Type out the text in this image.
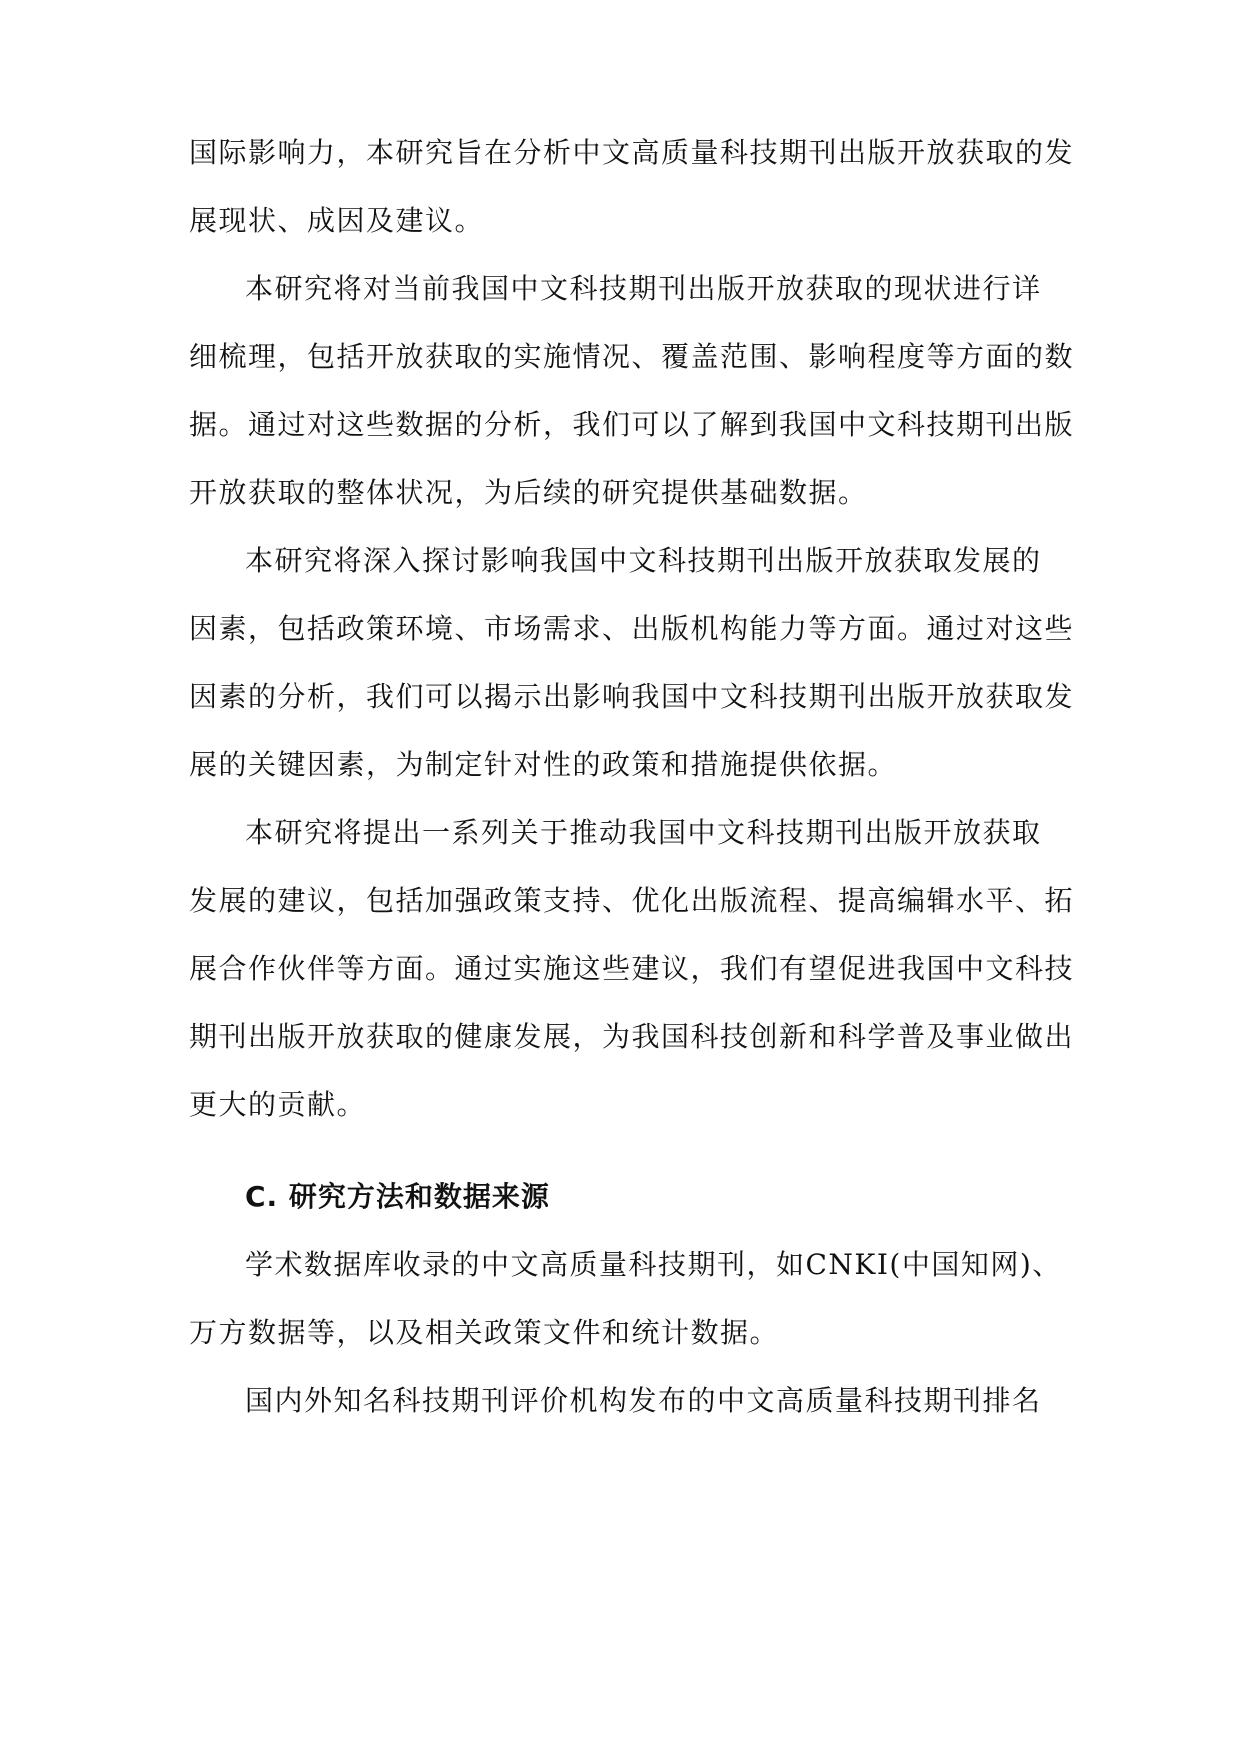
国际影响力，本研究旨在分析中文高质量科技期刊出版开放获取的发
展现状、成因及建议。
本研究将对当前我国中文科技期刊出版开放获取的现状进行详
细梳理，包括开放获取的实施情况、覆盖范围、影响程度等方面的数
据。通过对这些数据的分析，我们可以了解到我国中文科技期刊出版
开放获取的整体状况，为后续的研究提供基础数据。
本研究将深入探讨影响我国中文科技期刊出版开放获取发展的
因素，包括政策环境、市场需求、出版机构能力等方面。通过对这些
因素的分析，我们可以揭示出影响我国中文科技期刊出版开放获取发
展的关键因素，为制定针对性的政策和措施提供依据。
本研究将提出一系列关于推动我国中文科技期刊出版开放获取
发展的建议，包括加强政策支持、优化出版流程、提高编辑水平、拓
展合作伙伴等方面。通过实施这些建议，我们有望促进我国中文科技
期刊出版开放获取的健康发展，为我国科技创新和科学普及事业做出
更大的贡献。
C. 研究方法和数据来源
学术数据库收录的中文高质量科技期刊，如CNKI(中国知网)、
万方数据等，以及相关政策文件和统计数据。
国内外知名科技期刊评价机构发布的中文高质量科技期刊排名
